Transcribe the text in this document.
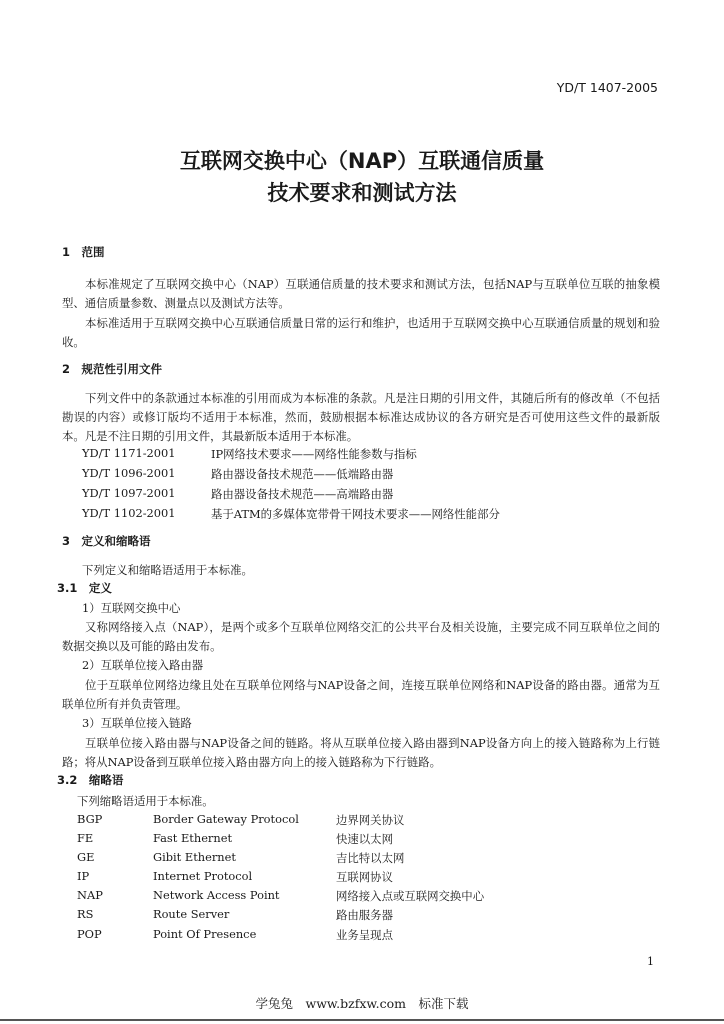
YD/T 1407-2005
互联网交换中心（NAP）互联通信质量
技术要求和测试方法
1　范围
本标准规定了互联网交换中心（NAP）互联通信质量的技术要求和测试方法，包括NAP与互联单位互联的抽象模型、通信质量参数、测量点以及测试方法等。
本标准适用于互联网交换中心互联通信质量日常的运行和维护，也适用于互联网交换中心互联通信质量的规划和验收。
2　规范性引用文件
下列文件中的条款通过本标准的引用而成为本标准的条款。凡是注日期的引用文件，其随后所有的修改单（不包括勘误的内容）或修订版均不适用于本标准，然而，鼓励根据本标准达成协议的各方研究是否可使用这些文件的最新版本。凡是不注日期的引用文件，其最新版本适用于本标准。
YD/T 1171-2001	IP网络技术要求——网络性能参数与指标
YD/T 1096-2001	路由器设备技术规范——低端路由器
YD/T 1097-2001	路由器设备技术规范——高端路由器
YD/T 1102-2001	基于ATM的多媒体宽带骨干网技术要求——网络性能部分
3　定义和缩略语
下列定义和缩略语适用于本标准。
3.1　定义
1）互联网交换中心
又称网络接入点（NAP），是两个或多个互联单位网络交汇的公共平台及相关设施，主要完成不同互联单位之间的数据交换以及可能的路由发布。
2）互联单位接入路由器
位于互联单位网络边缘且处在互联单位网络与NAP设备之间，连接互联单位网络和NAP设备的路由器。通常为互联单位所有并负责管理。
3）互联单位接入链路
互联单位接入路由器与NAP设备之间的链路。将从互联单位接入路由器到NAP设备方向上的接入链路称为上行链路；将从NAP设备到互联单位接入路由器方向上的接入链路称为下行链路。
3.2　缩略语
下列缩略语适用于本标准。
BGP	Border Gateway Protocol	边界网关协议
FE	Fast Ethernet	快速以太网
GE	Gibit Ethernet	吉比特以太网
IP	Internet Protocol	互联网协议
NAP	Network Access Point	网络接入点或互联网交换中心
RS	Route Server	路由服务器
POP	Point Of Presence	业务呈现点
1
学兔兔　www.bzfxw.com　标准下载
